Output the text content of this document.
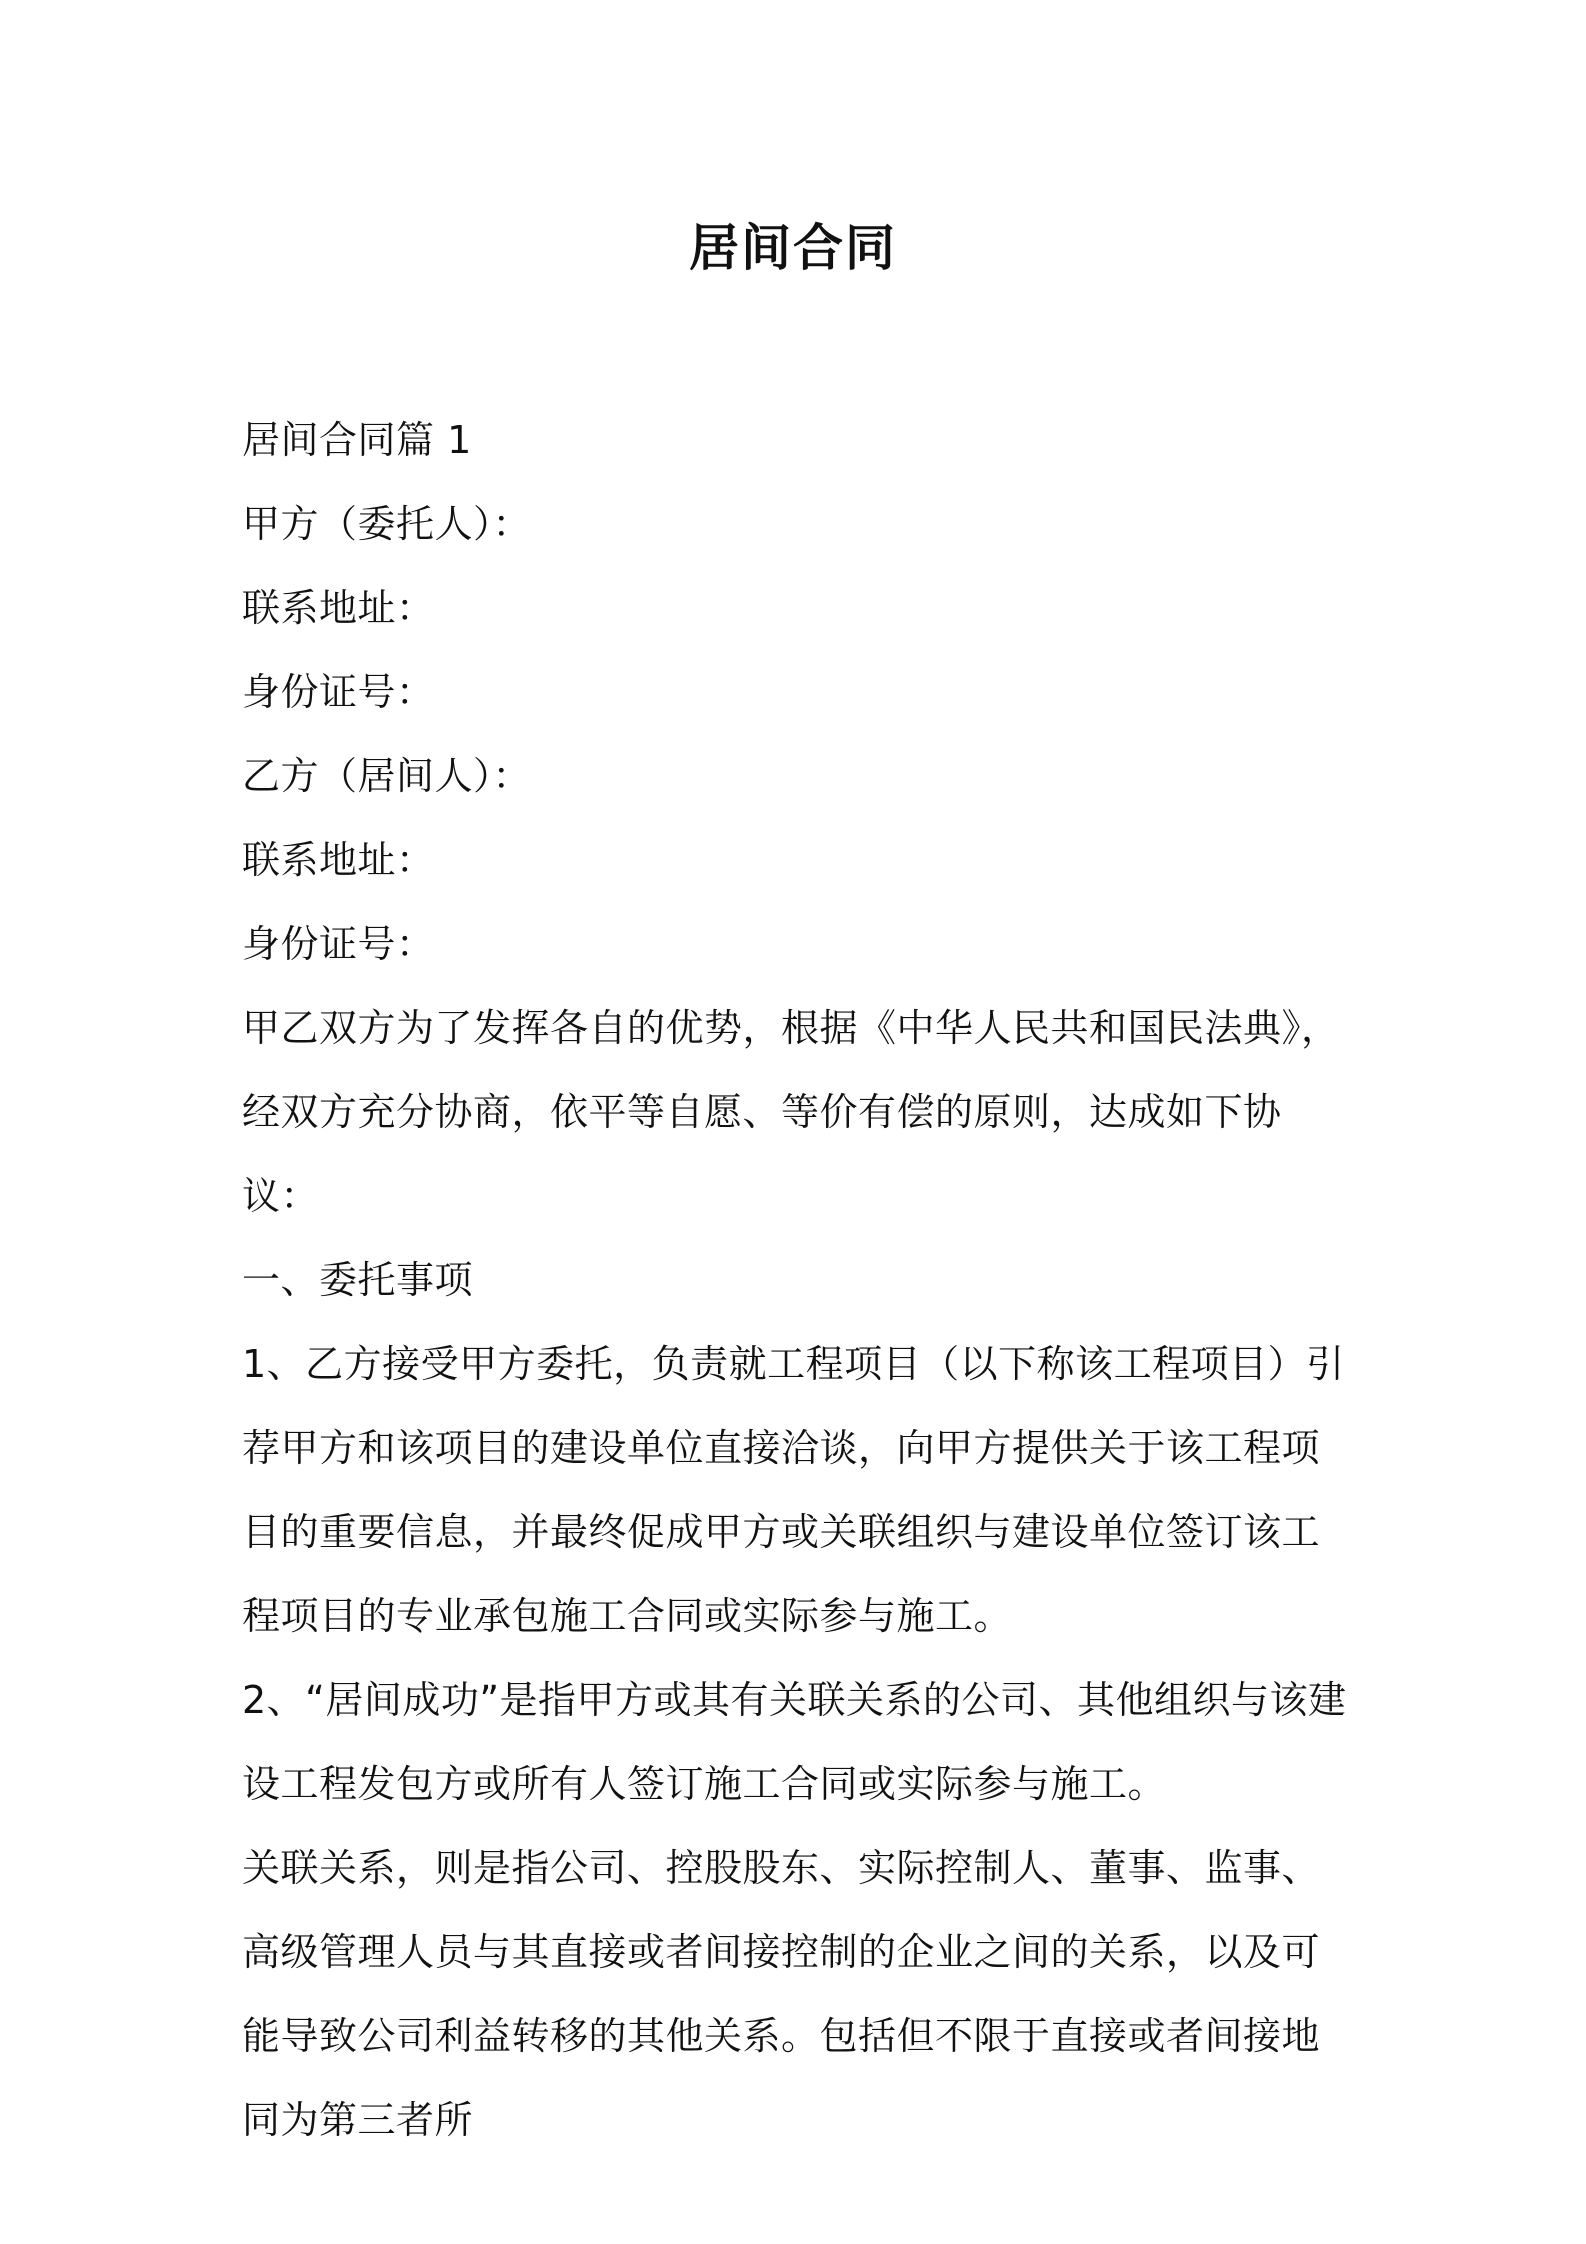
居间合同

居间合同篇 1

甲方（委托人）：

联系地址：

身份证号：

乙方（居间人）：

联系地址：

身份证号：

甲乙双方为了发挥各自的优势，根据《中华人民共和国民法典》，经双方充分协商，依平等自愿、等价有偿的原则，达成如下协议：

一、委托事项

1、乙方接受甲方委托，负责就工程项目（以下称该工程项目）引荐甲方和该项目的建设单位直接洽谈，向甲方提供关于该工程项目的重要信息，并最终促成甲方或关联组织与建设单位签订该工程项目的专业承包施工合同或实际参与施工。

2、“居间成功”是指甲方或其有关联关系的公司、其他组织与该建设工程发包方或所有人签订施工合同或实际参与施工。

关联关系，则是指公司、控股股东、实际控制人、董事、监事、高级管理人员与其直接或者间接控制的企业之间的关系，以及可能导致公司利益转移的其他关系。包括但不限于直接或者间接地同为第三者所
